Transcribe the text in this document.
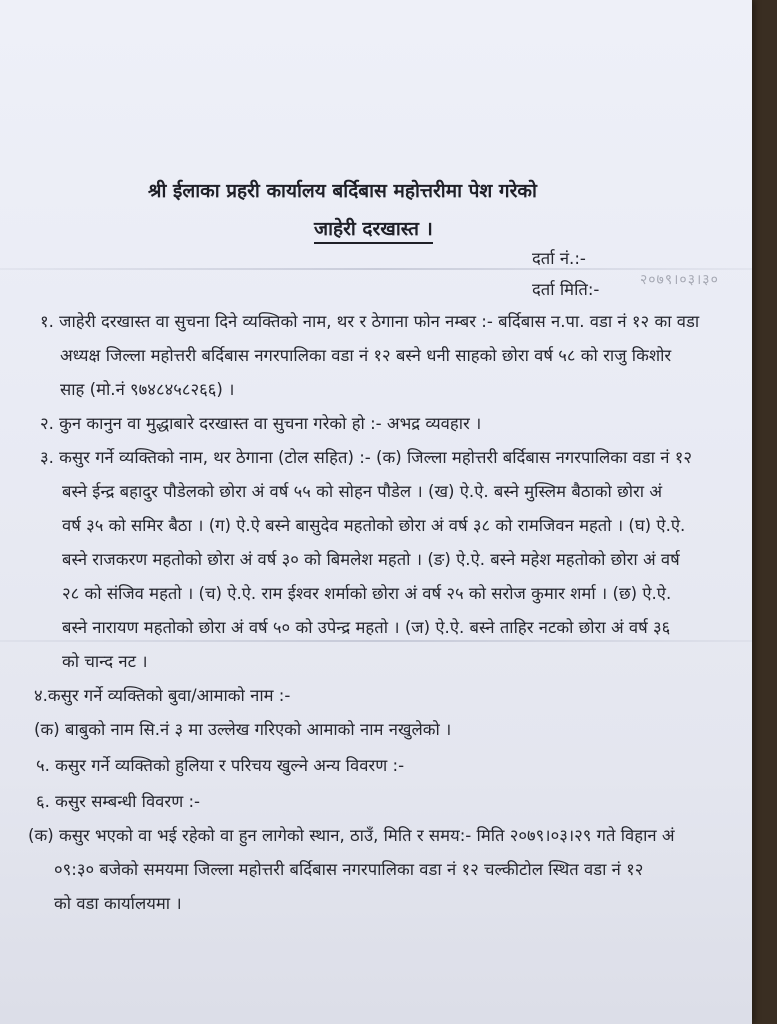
श्री ईलाका प्रहरी कार्यालय बर्दिबास महोत्तरीमा पेश गरेको
जाहेरी दरखास्त ।
दर्ता नं.:-
दर्ता मिति:-	२०७९।०३।३०
१. जाहेरी दरखास्त वा सुचना दिने व्यक्तिको नाम, थर र ठेगाना फोन नम्बर :- बर्दिबास न.पा. वडा नं १२ का वडा
अध्यक्ष जिल्ला महोत्तरी बर्दिबास नगरपालिका वडा नं १२ बस्ने धनी साहको छोरा वर्ष ५८ को राजु किशोर
साह (मो.नं ९७४८४५८२६६) ।
२. कुन कानुन वा मुद्धाबारे दरखास्त वा सुचना गरेको हो :- अभद्र व्यवहार ।
३. कसुर गर्ने व्यक्तिको नाम, थर ठेगाना (टोल सहित) :- (क) जिल्ला महोत्तरी बर्दिबास नगरपालिका वडा नं १२
बस्ने ईन्द्र बहादुर पौडेलको छोरा अं वर्ष ५५ को सोहन पौडेल । (ख) ऐ.ऐ. बस्ने मुस्लिम बैठाको छोरा अं
वर्ष ३५ को समिर बैठा । (ग) ऐ.ऐ बस्ने बासुदेव महतोको छोरा अं वर्ष ३८ को रामजिवन महतो । (घ) ऐ.ऐ.
बस्ने राजकरण महतोको छोरा अं वर्ष ३० को बिमलेश महतो । (ङ) ऐ.ऐ. बस्ने महेश महतोको छोरा अं वर्ष
२८ को संजिव महतो । (च) ऐ.ऐ. राम ईश्वर शर्माको छोरा अं वर्ष २५ को सरोज कुमार शर्मा । (छ) ऐ.ऐ.
बस्ने नारायण महतोको छोरा अं वर्ष ५० को उपेन्द्र महतो । (ज) ऐ.ऐ. बस्ने ताहिर नटको छोरा अं वर्ष ३६
को चान्द नट ।
४.कसुर गर्ने व्यक्तिको बुवा/आमाको नाम :-
(क) बाबुको नाम सि.नं ३ मा उल्लेख गरिएको आमाको नाम नखुलेको ।
५. कसुर गर्ने व्यक्तिको हुलिया र परिचय खुल्ने अन्य विवरण :-
६. कसुर सम्बन्धी विवरण :-
(क) कसुर भएको वा भई रहेको वा हुन लागेको स्थान, ठाउँ, मिति र समय:- मिति २०७९।०३।२९ गते विहान अं
०९:३० बजेको समयमा जिल्ला महोत्तरी बर्दिबास नगरपालिका वडा नं १२ चल्कीटोल स्थित वडा नं १२
को वडा कार्यालयमा ।
